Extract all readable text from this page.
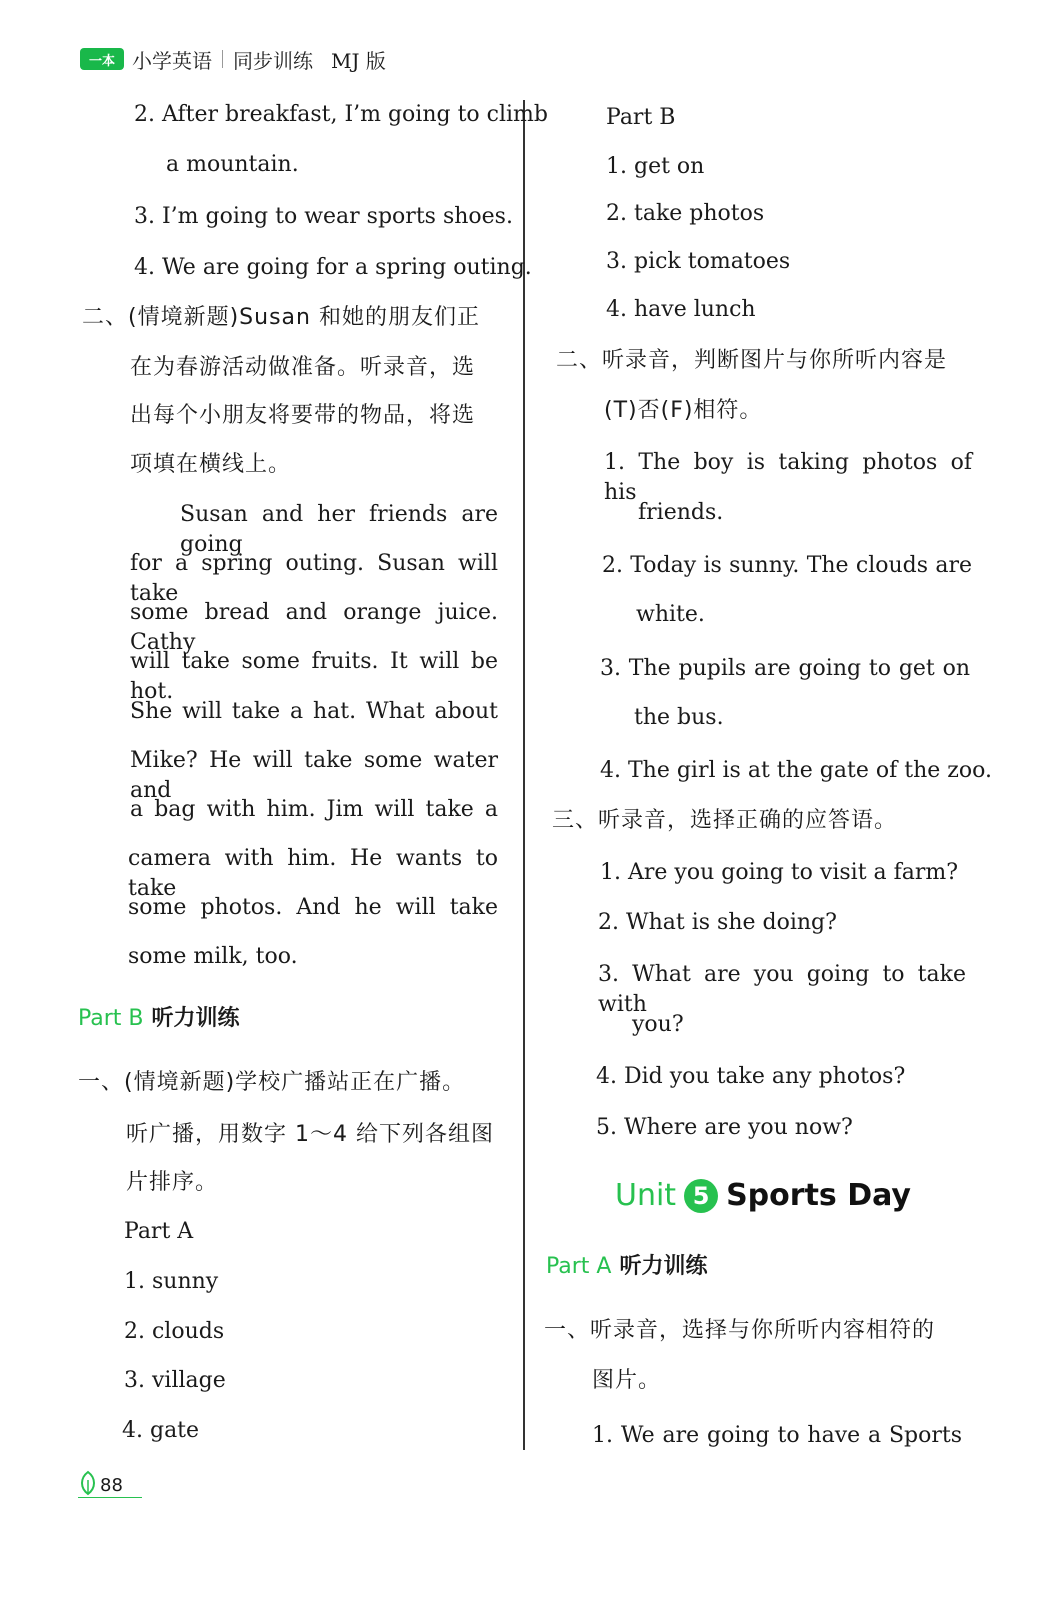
一本 小学英语 同步训练 MJ 版
2. After breakfast, I’m going to climb
a mountain.
3. I’m going to wear sports shoes.
4. We are going for a spring outing.
二、(情境新题)Susan 和她的朋友们正
在为春游活动做准备。听录音，选
出每个小朋友将要带的物品，将选
项填在横线上。
Susan and her friends are going
for a spring outing. Susan will take
some bread and orange juice. Cathy
will take some fruits. It will be hot.
She will take a hat. What about
Mike? He will take some water and
a bag with him. Jim will take a
camera with him. He wants to take
some photos. And he will take
some milk, too.
Part B 听力训练
一、(情境新题)学校广播站正在广播。
听广播，用数字 1～4 给下列各组图
片排序。
Part A
1. sunny
2. clouds
3. village
4. gate
Part B
1. get on
2. take photos
3. pick tomatoes
4. have lunch
二、听录音，判断图片与你所听内容是
(T)否(F)相符。
1. The boy is taking photos of his
friends.
2. Today is sunny. The clouds are
white.
3. The pupils are going to get on
the bus.
4. The girl is at the gate of the zoo.
三、听录音，选择正确的应答语。
1. Are you going to visit a farm?
2. What is she doing?
3. What are you going to take with
you?
4. Did you take any photos?
5. Where are you now?
Unit 5 Sports Day
Part A 听力训练
一、听录音，选择与你所听内容相符的
图片。
1. We are going to have a Sports
88
